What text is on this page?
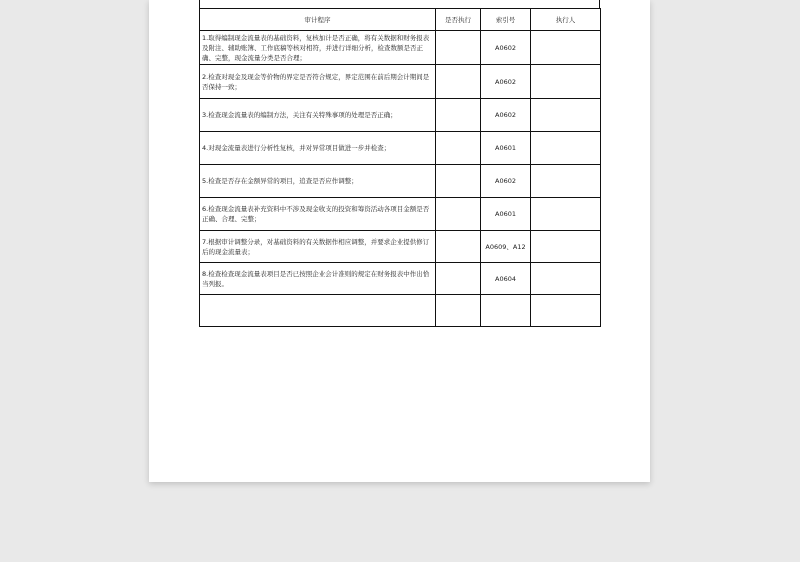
审计程序	是否执行	索引号	执行人
1.取得编制现金流量表的基础资料，复核加计是否正确，将有关数据和财务报表及附注、辅助账簿、工作底稿等核对相符，并进行详细分析，检查数额是否正确、完整，现金流量分类是否合理；		A0602	
2.检查对现金及现金等价物的界定是否符合规定，界定范围在前后期会计期间是否保持一致；		A0602	
3.检查现金流量表的编制方法，关注有关特殊事项的处理是否正确；		A0602	
4.对现金流量表进行分析性复核，并对异常项目做进一步并检查；		A0601	
5.检查是否存在金额异常的项目，追查是否应作调整；		A0602	
6.检查现金流量表补充资料中不涉及现金收支的投资和筹资活动各项目金额是否正确、合理、完整；		A0601	
7.根据审计调整分录，对基础资料的有关数据作相应调整，并要求企业提供修订后的现金流量表；		A0609、A12	
8.检查检查现金流量表项目是否已按照企业会计准则的规定在财务报表中作出恰当列报。		A0604	
